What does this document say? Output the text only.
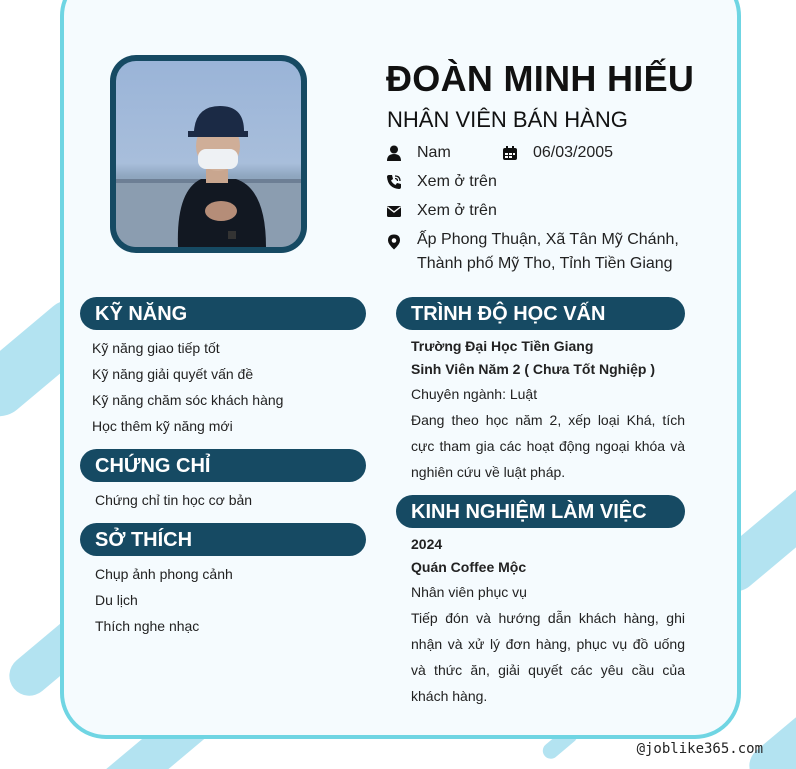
ĐOÀN MINH HIẾU
NHÂN VIÊN BÁN HÀNG
Nam	06/03/2005
Xem ở trên
Xem ở trên
Ấp Phong Thuận, Xã Tân Mỹ Chánh, Thành phố Mỹ Tho, Tỉnh Tiền Giang
KỸ NĂNG
Kỹ năng giao tiếp tốt
Kỹ năng giải quyết vấn đề
Kỹ năng chăm sóc khách hàng
Học thêm kỹ năng mới
CHỨNG CHỈ
Chứng chỉ tin học cơ bản
SỞ THÍCH
Chụp ảnh phong cảnh
Du lịch
Thích nghe nhạc
TRÌNH ĐỘ HỌC VẤN
Trường Đại Học Tiền Giang
Sinh Viên Năm 2 ( Chưa Tốt Nghiệp )
Chuyên ngành: Luật
Đang theo học năm 2, xếp loại Khá, tích cực tham gia các hoạt động ngoại khóa và nghiên cứu về luật pháp.
KINH NGHIỆM LÀM VIỆC
2024
Quán Coffee Mộc
Nhân viên phục vụ
Tiếp đón và hướng dẫn khách hàng, ghi nhận và xử lý đơn hàng, phục vụ đồ uống và thức ăn, giải quyết các yêu cầu của khách hàng.
@joblike365.com
